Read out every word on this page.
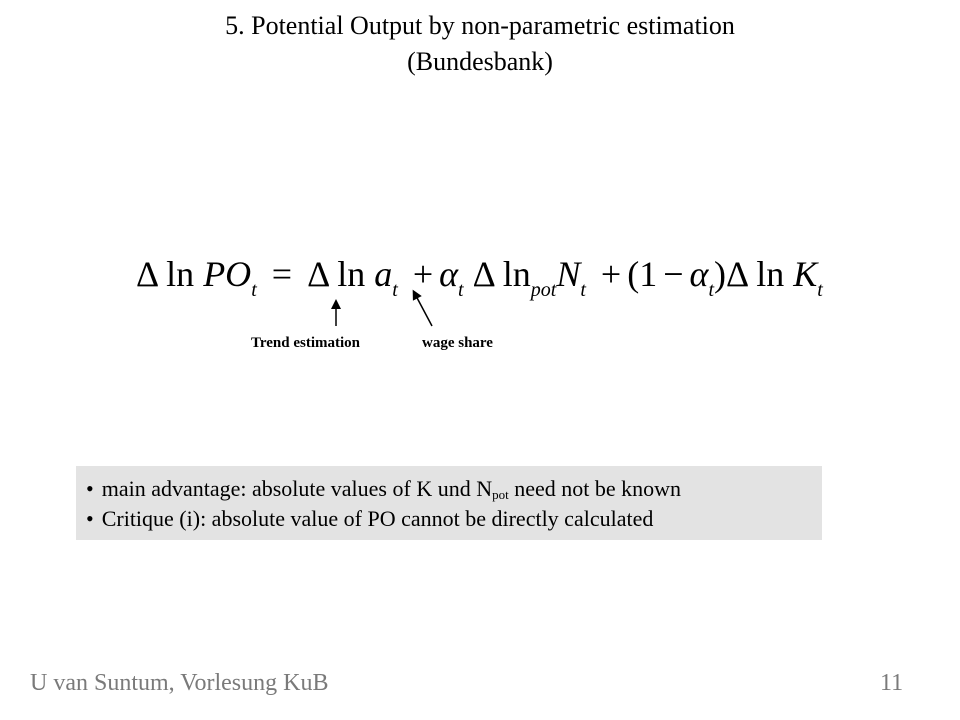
5. Potential Output by non-parametric estimation
(Bundesbank)
Δ $\ln PO_t = \Delta$ $\ln a_t + \alpha_t$ Δ $\ln_{pot}N_t + (1 - \alpha_t)\Delta$ $\ln K_t$
Trend estimation	wage share
• main advantage: absolute values of K und $N_{pot}$ need not be known
• Critique (i): absolute value of PO cannot be directly calculated
U van Suntum, Vorlesung KuB	11
